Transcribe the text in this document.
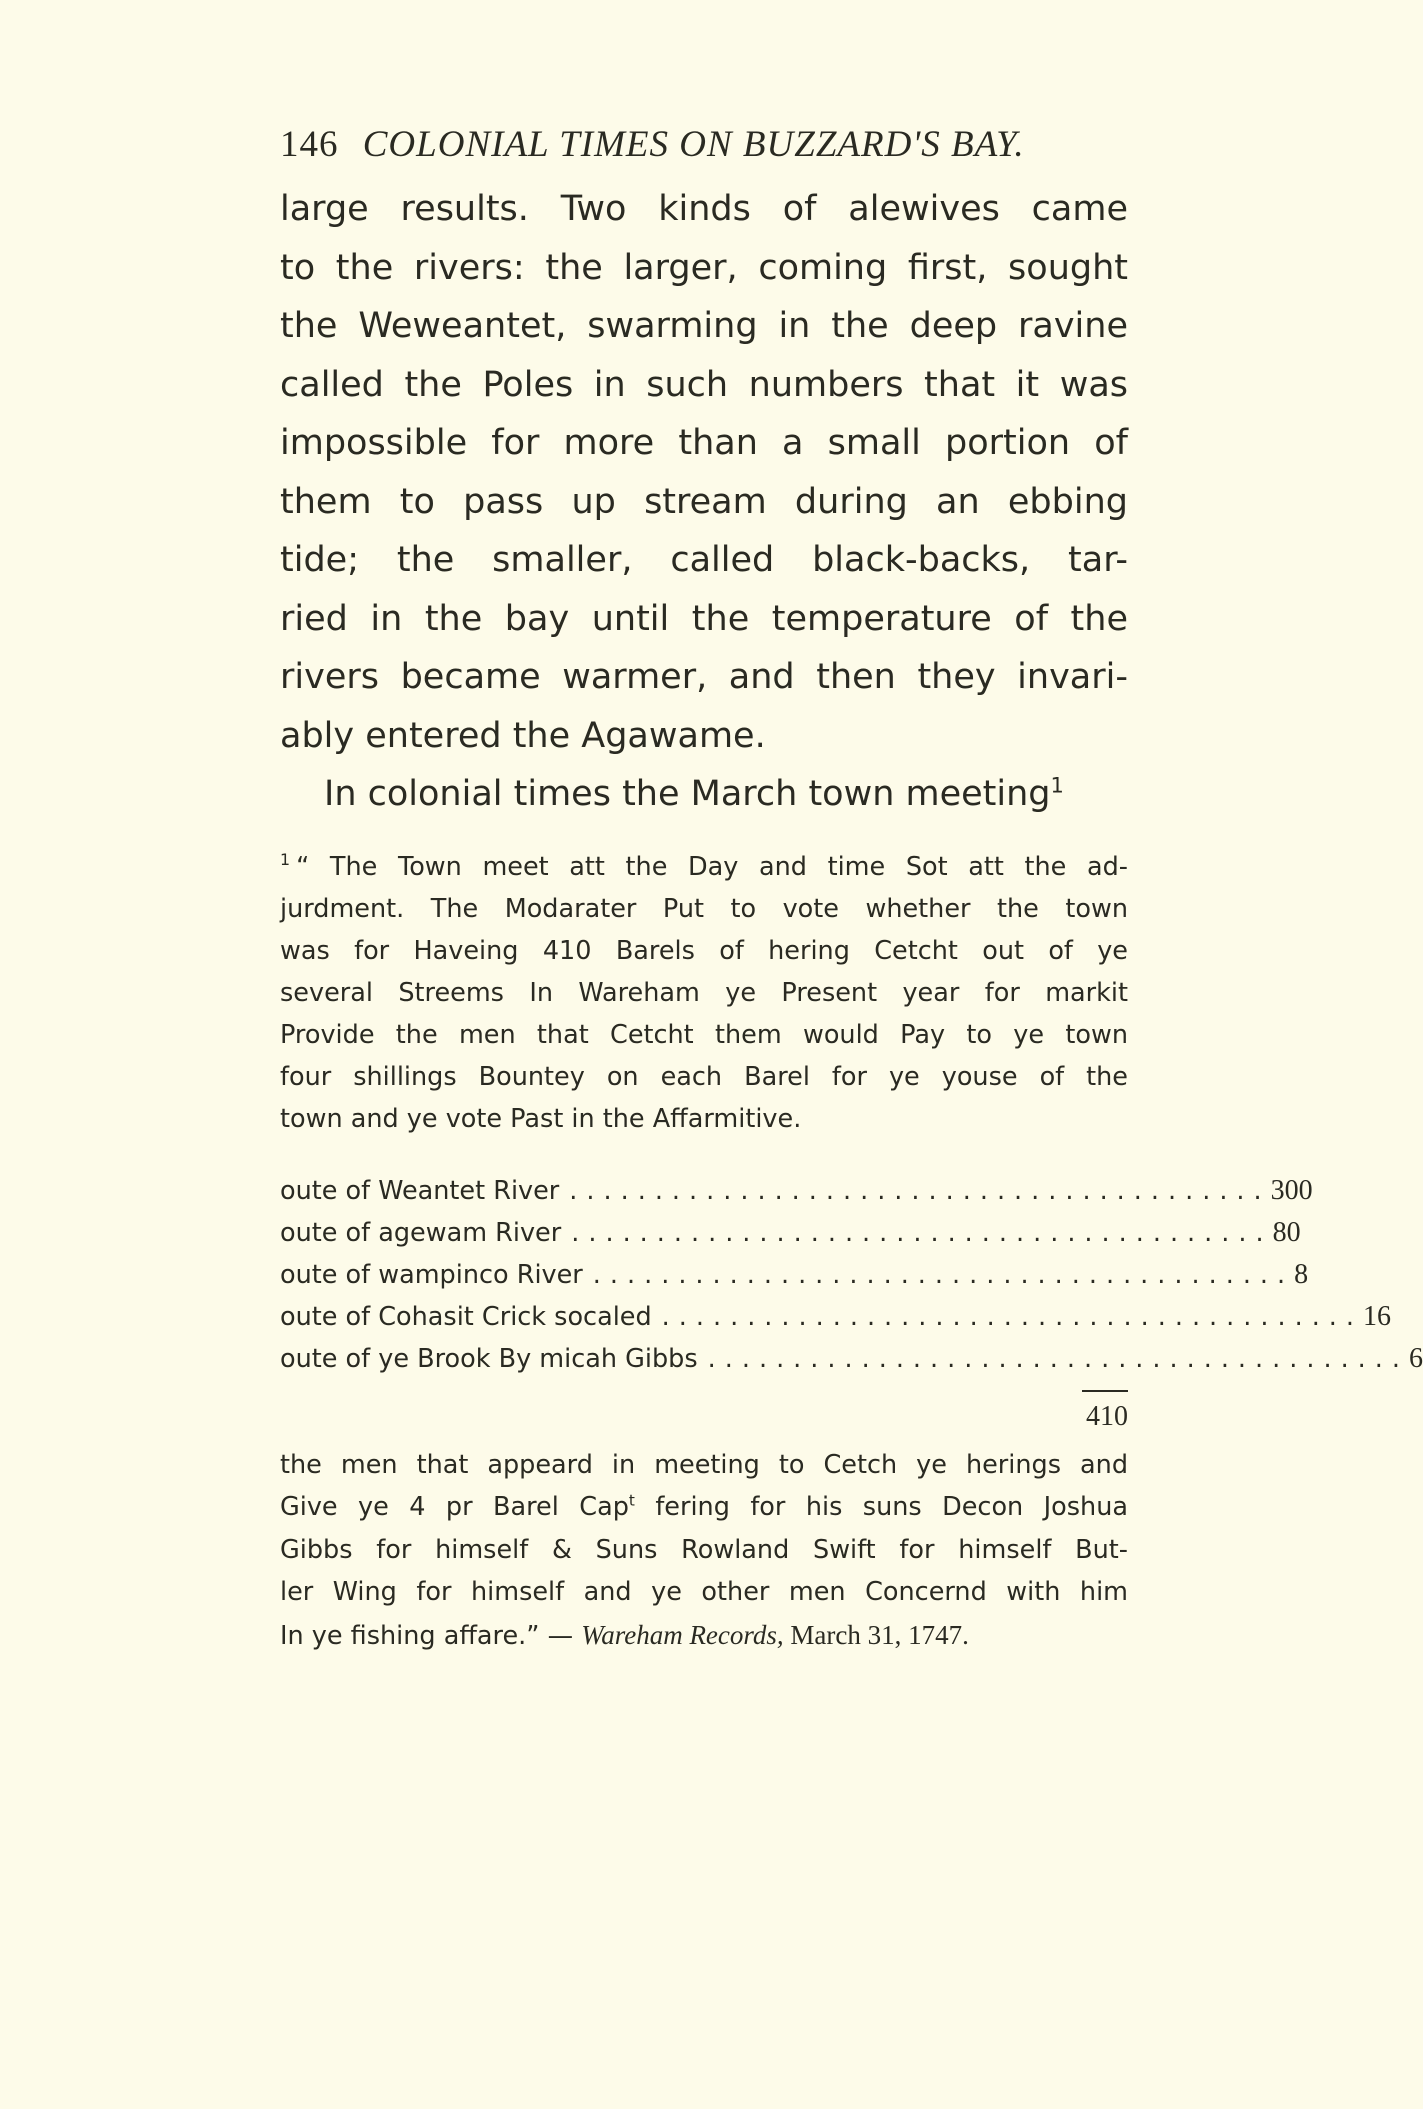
146 COLONIAL TIMES ON BUZZARD'S BAY.
large results. Two kinds of alewives came
to the rivers: the larger, coming first, sought
the Weweantet, swarming in the deep ravine
called the Poles in such numbers that it was
impossible for more than a small portion of
them to pass up stream during an ebbing
tide; the smaller, called black-backs, tar-
ried in the bay until the temperature of the
rivers became warmer, and then they invari-
ably entered the Agawame.
In colonial times the March town meeting$^1$
$^1$ “ The Town meet att the Day and time Sot att the ad-
jurdment. The Modarater Put to vote whether the town
was for Haveing 410 Barels of hering Cetcht out of ye
several Streems In Wareham ye Present year for markit
Provide the men that Cetcht them would Pay to ye town
four shillings Bountey on each Barel for ye youse of the
town and ye vote Past in the Affarmitive.
oute of Weantet River ......................................... 300
oute of agewam River ......................................... 80
oute of wampinco River ......................................... 8
oute of Cohasit Crick socaled ......................................... 16
oute of ye Brook By micah Gibbs ......................................... 6
410
the men that appeard in meeting to Cetch ye herings and
Give ye 4 pr Barel Cap$^t$ fering for his suns Decon Joshua
Gibbs for himself & Suns Rowland Swift for himself But-
ler Wing for himself and ye other men Concernd with him
In ye fishing affare.” — Wareham Records, March 31, 1747.
